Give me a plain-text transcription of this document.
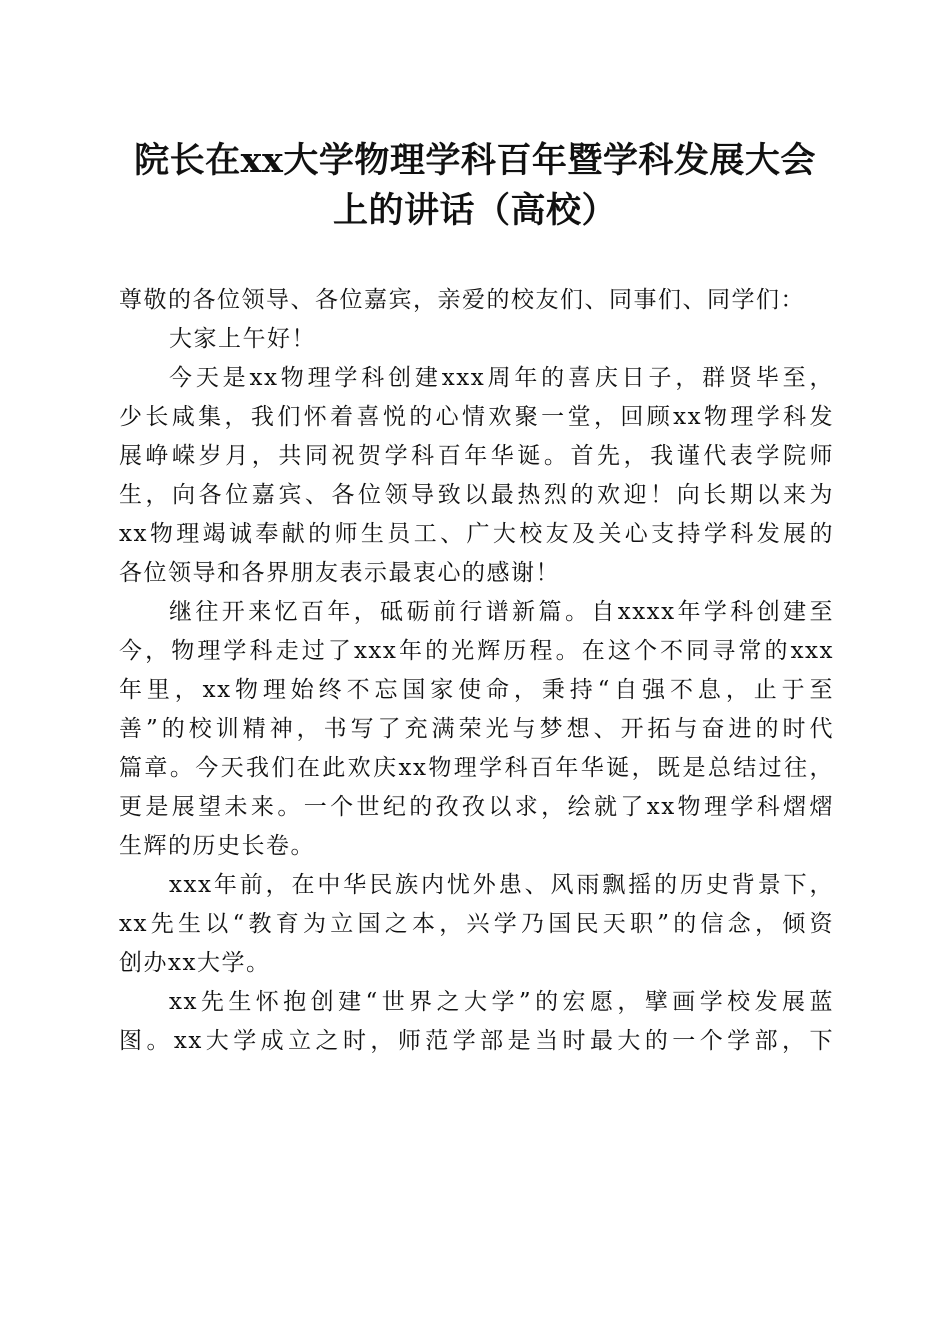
院长在xx大学物理学科百年暨学科发展大会
上的讲话（高校）
尊敬的各位领导、各位嘉宾，亲爱的校友们、同事们、同学们：
大家上午好！
今天是xx物理学科创建xxx周年的喜庆日子，群贤毕至，
少长咸集，我们怀着喜悦的心情欢聚一堂，回顾xx物理学科发
展峥嵘岁月，共同祝贺学科百年华诞。首先，我谨代表学院师
生，向各位嘉宾、各位领导致以最热烈的欢迎！向长期以来为
xx物理竭诚奉献的师生员工、广大校友及关心支持学科发展的
各位领导和各界朋友表示最衷心的感谢！
继往开来忆百年，砥砺前行谱新篇。自xxxx年学科创建至
今，物理学科走过了xxx年的光辉历程。在这个不同寻常的xxx
年里，xx物理始终不忘国家使命，秉持“自强不息，止于至
善”的校训精神，书写了充满荣光与梦想、开拓与奋进的时代
篇章。今天我们在此欢庆xx物理学科百年华诞，既是总结过往，
更是展望未来。一个世纪的孜孜以求，绘就了xx物理学科熠熠
生辉的历史长卷。
xxx年前，在中华民族内忧外患、风雨飘摇的历史背景下，
xx先生以“教育为立国之本，兴学乃国民天职”的信念，倾资
创办xx大学。
xx先生怀抱创建“世界之大学”的宏愿，擘画学校发展蓝
图。xx大学成立之时，师范学部是当时最大的一个学部，下
